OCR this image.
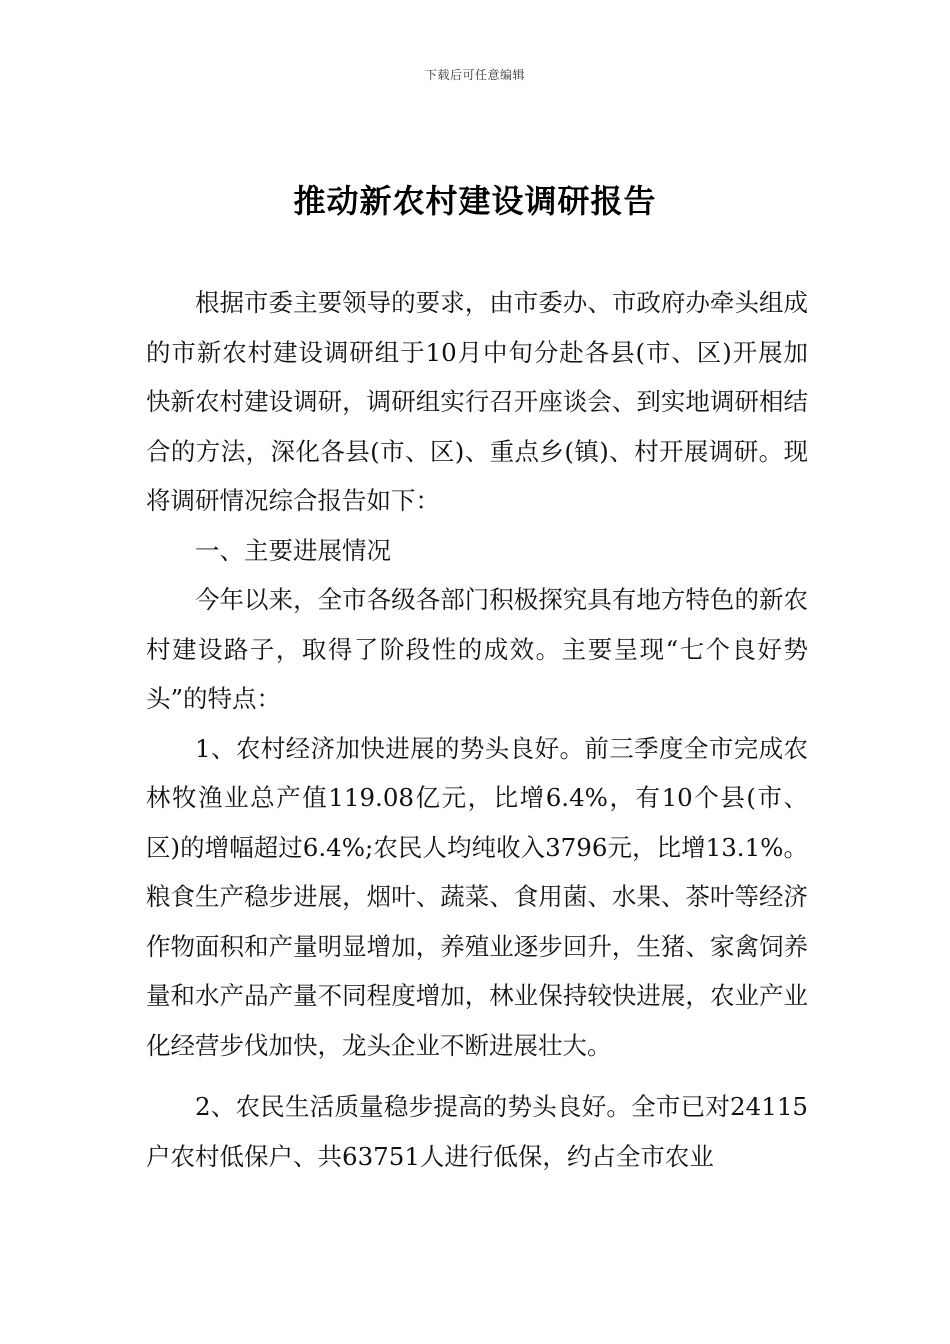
下载后可任意编辑
推动新农村建设调研报告

根据市委主要领导的要求，由市委办、市政府办牵头组成的市新农村建设调研组于10月中旬分赴各县(市、区)开展加快新农村建设调研，调研组实行召开座谈会、到实地调研相结合的方法，深化各县(市、区)、重点乡(镇)、村开展调研。现将调研情况综合报告如下：

一、主要进展情况

今年以来，全市各级各部门积极探究具有地方特色的新农村建设路子，取得了阶段性的成效。主要呈现“七个良好势头”的特点：

1、农村经济加快进展的势头良好。前三季度全市完成农林牧渔业总产值119.08亿元，比增6.4%，有10个县(市、区)的增幅超过6.4%;农民人均纯收入3796元，比增13.1%。粮食生产稳步进展，烟叶、蔬菜、食用菌、水果、茶叶等经济作物面积和产量明显增加，养殖业逐步回升，生猪、家禽饲养量和水产品产量不同程度增加，林业保持较快进展，农业产业化经营步伐加快，龙头企业不断进展壮大。

2、农民生活质量稳步提高的势头良好。全市已对24115户农村低保户、共63751人进行低保，约占全市农业
